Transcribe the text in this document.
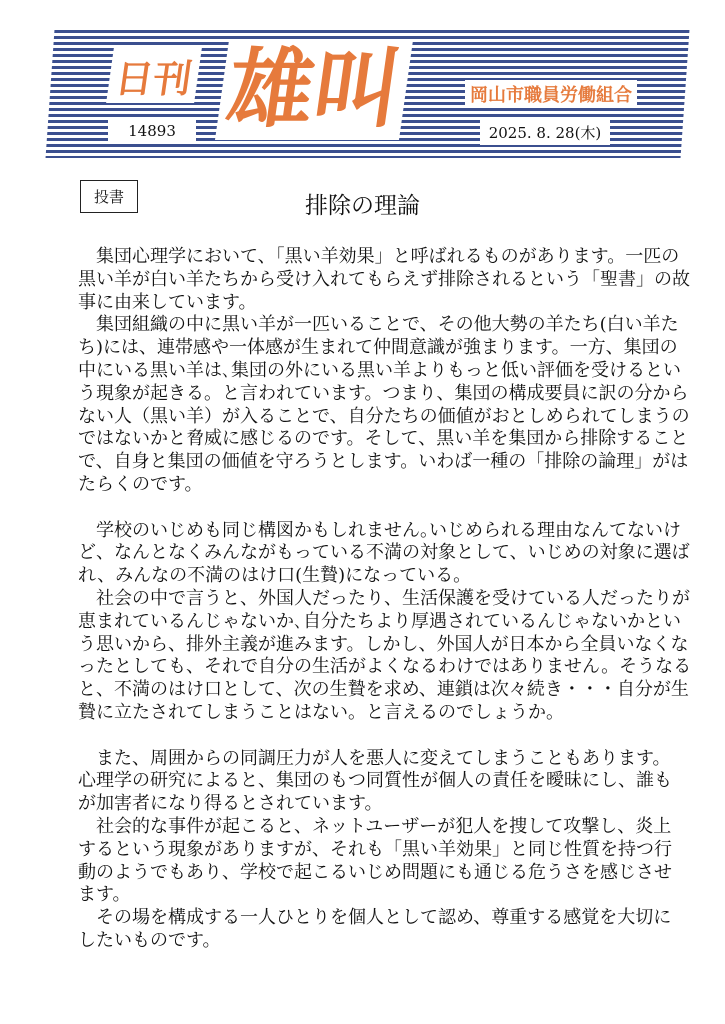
日刊 雄叫	岡山市職員労働組合
14893	2025. 8. 28(木)
投書	排除の理論
　集団心理学において、「黒い羊効果」と呼ばれるものがあります。一匹の
黒い羊が白い羊たちから受け入れてもらえず排除されるという「聖書」の故
事に由来しています。
　集団組織の中に黒い羊が一匹いることで、その他大勢の羊たち(白い羊た
ち)には、連帯感や一体感が生まれて仲間意識が強まります。一方、集団の
中にいる黒い羊は､集団の外にいる黒い羊よりもっと低い評価を受けるとい
う現象が起きる。と言われています。つまり、集団の構成要員に訳の分から
ない人（黒い羊）が入ることで、自分たちの価値がおとしめられてしまうの
ではないかと脅威に感じるのです。そして、黒い羊を集団から排除すること
で、自身と集団の価値を守ろうとします。いわば一種の「排除の論理」がは
たらくのです。
　学校のいじめも同じ構図かもしれません｡いじめられる理由なんてないけ
ど、なんとなくみんながもっている不満の対象として、いじめの対象に選ば
れ、みんなの不満のはけ口(生贄)になっている。
　社会の中で言うと、外国人だったり、生活保護を受けている人だったりが
恵まれているんじゃないか､自分たちより厚遇されているんじゃないかとい
う思いから、排外主義が進みます。しかし、外国人が日本から全員いなくな
ったとしても、それで自分の生活がよくなるわけではありません。そうなる
と、不満のはけ口として、次の生贄を求め、連鎖は次々続き・・・自分が生
贄に立たされてしまうことはない。と言えるのでしょうか。
　また、周囲からの同調圧力が人を悪人に変えてしまうこともあります。
心理学の研究によると、集団のもつ同質性が個人の責任を曖昧にし、誰も
が加害者になり得るとされています。
　社会的な事件が起こると、ネットユーザーが犯人を捜して攻撃し、炎上
するという現象がありますが、それも「黒い羊効果」と同じ性質を持つ行
動のようでもあり、学校で起こるいじめ問題にも通じる危うさを感じさせ
ます。
　その場を構成する一人ひとりを個人として認め、尊重する感覚を大切に
したいものです。
